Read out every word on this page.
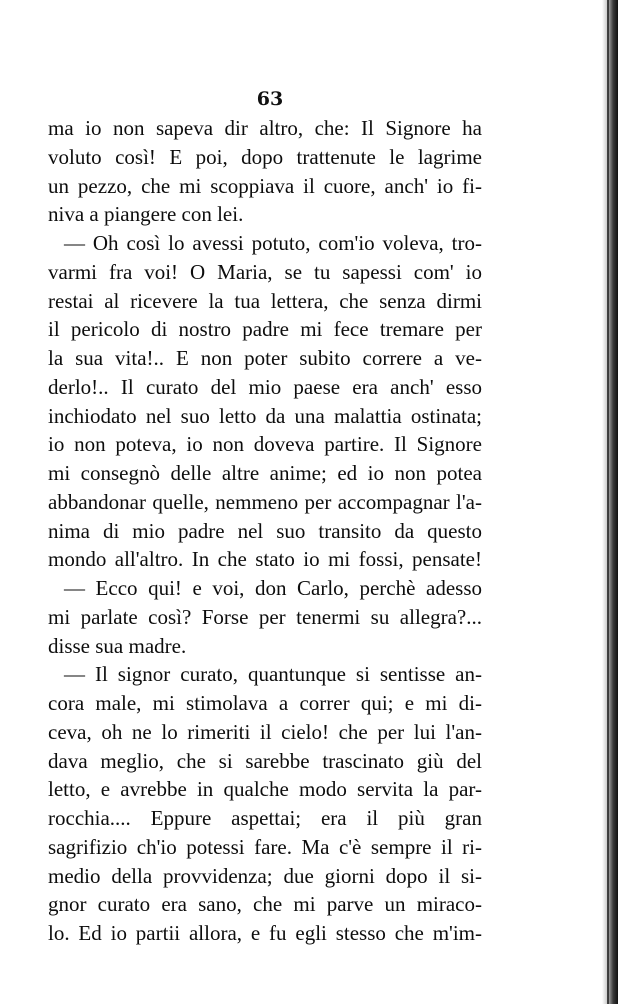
63
ma io non sapeva dir altro, che: Il Signore ha
voluto così! E poi, dopo trattenute le lagrime
un pezzo, che mi scoppiava il cuore, anch' io fi-
niva a piangere con lei.
— Oh così lo avessi potuto, com'io voleva, tro-
varmi fra voi! O Maria, se tu sapessi com' io
restai al ricevere la tua lettera, che senza dirmi
il pericolo di nostro padre mi fece tremare per
la sua vita!.. E non poter subito correre a ve-
derlo!.. Il curato del mio paese era anch' esso
inchiodato nel suo letto da una malattia ostinata;
io non poteva, io non doveva partire. Il Signore
mi consegnò delle altre anime; ed io non potea
abbandonar quelle, nemmeno per accompagnar l'a-
nima di mio padre nel suo transito da questo
mondo all'altro. In che stato io mi fossi, pensate!
— Ecco qui! e voi, don Carlo, perchè adesso
mi parlate così? Forse per tenermi su allegra?...
disse sua madre.
— Il signor curato, quantunque si sentisse an-
cora male, mi stimolava a correr qui; e mi di-
ceva, oh ne lo rimeriti il cielo! che per lui l'an-
dava meglio, che si sarebbe trascinato giù del
letto, e avrebbe in qualche modo servita la par-
rocchia.... Eppure aspettai; era il più gran
sagrifizio ch'io potessi fare. Ma c'è sempre il ri-
medio della provvidenza; due giorni dopo il si-
gnor curato era sano, che mi parve un miraco-
lo. Ed io partii allora, e fu egli stesso che m'im-
